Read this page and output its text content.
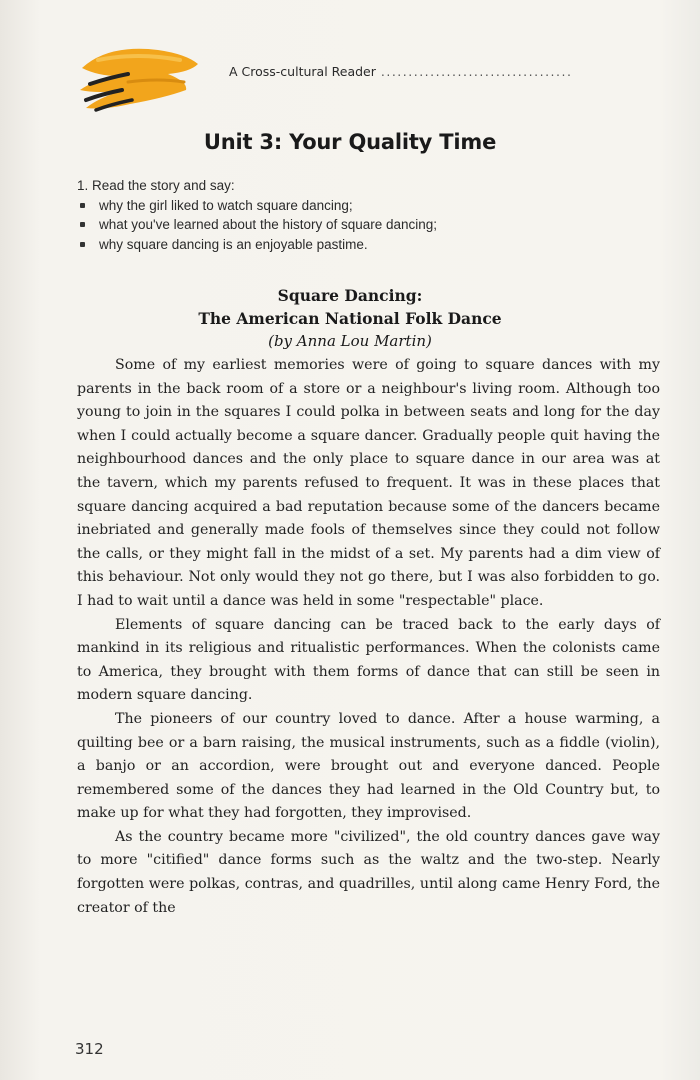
A Cross-cultural Reader ...................................
Unit 3: Your Quality Time
1. Read the story and say:
why the girl liked to watch square dancing;
what you've learned about the history of square dancing;
why square dancing is an enjoyable pastime.
Square Dancing:
The American National Folk Dance
(by Anna Lou Martin)

Some of my earliest memories were of going to square dances with my parents in the back room of a store or a neighbour's living room. Although too young to join in the squares I could polka in between seats and long for the day when I could actually become a square dancer. Gradually people quit having the neighbourhood dances and the only place to square dance in our area was at the tavern, which my parents refused to frequent. It was in these places that square dancing acquired a bad reputation because some of the dancers became inebriated and generally made fools of themselves since they could not follow the calls, or they might fall in the midst of a set. My parents had a dim view of this behaviour. Not only would they not go there, but I was also forbidden to go. I had to wait until a dance was held in some "respectable" place.

Elements of square dancing can be traced back to the early days of mankind in its religious and ritualistic performances. When the colonists came to America, they brought with them forms of dance that can still be seen in modern square dancing.

The pioneers of our country loved to dance. After a house warming, a quilting bee or a barn raising, the musical instruments, such as a fiddle (violin), a banjo or an accordion, were brought out and everyone danced. People remembered some of the dances they had learned in the Old Country but, to make up for what they had forgotten, they improvised.

As the country became more "civilized", the old country dances gave way to more "citified" dance forms such as the waltz and the two-step. Nearly forgotten were polkas, contras, and quadrilles, until along came Henry Ford, the creator of the

312
